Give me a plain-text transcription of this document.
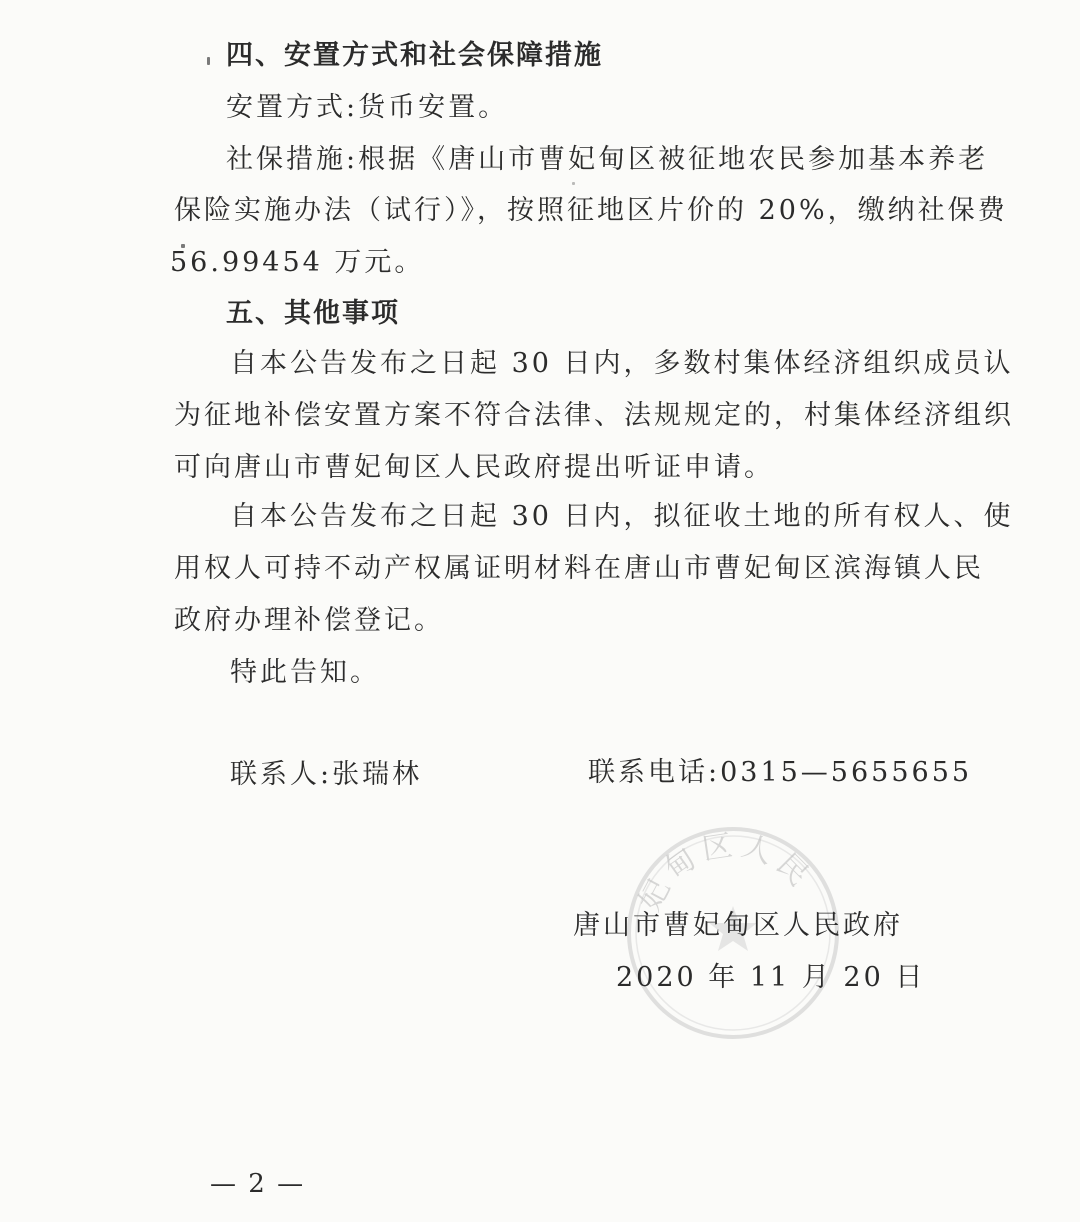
妃甸区人民
四、安置方式和社会保障措施
安置方式:货币安置。
社保措施:根据《唐山市曹妃甸区被征地农民参加基本养老
保险实施办法（试行）》，按照征地区片价的 20%，缴纳社保费
56.99454 万元。
五、其他事项
自本公告发布之日起 30 日内，多数村集体经济组织成员认
为征地补偿安置方案不符合法律、法规规定的，村集体经济组织
可向唐山市曹妃甸区人民政府提出听证申请。
自本公告发布之日起 30 日内，拟征收土地的所有权人、使
用权人可持不动产权属证明材料在唐山市曹妃甸区滨海镇人民
政府办理补偿登记。
特此告知。
联系人:张瑞林	联系电话:0315—5655655
唐山市曹妃甸区人民政府
2020 年 11 月 20 日
— 2 —
